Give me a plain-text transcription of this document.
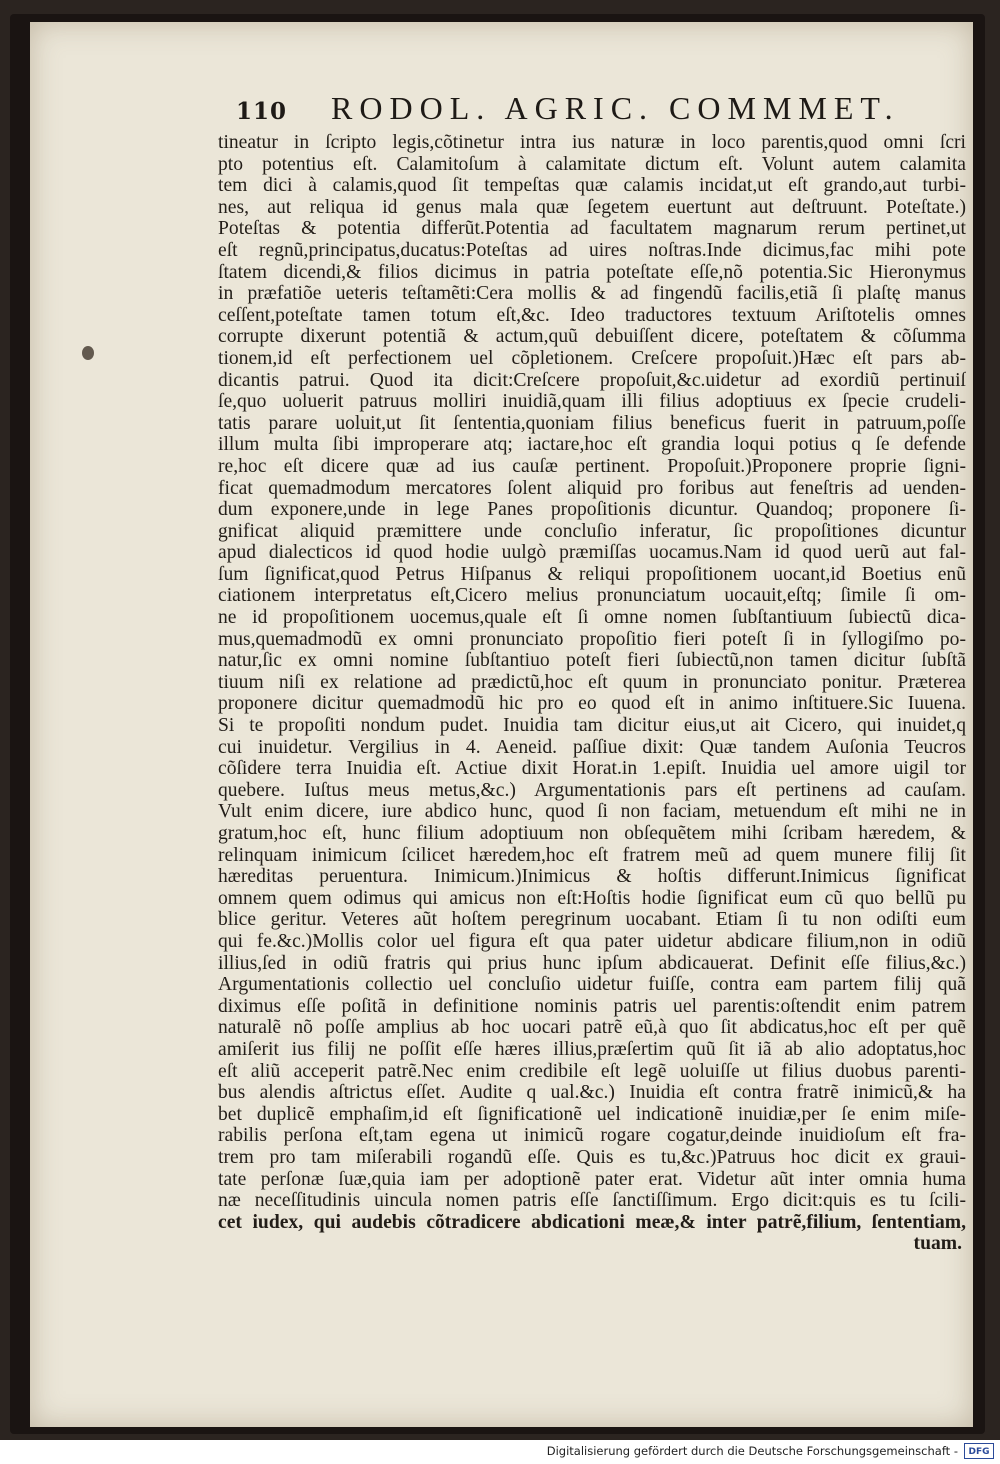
110 RODOL. AGRIC. COMMMET.
tineatur in ſcripto legis,cõtinetur intra ius naturæ in loco parentis,quod omni ſcri
pto potentius eſt. Calamitoſum à calamitate dictum eſt. Volunt autem calamita
tem dici à calamis,quod ſit tempeſtas quæ calamis incidat,ut eſt grando,aut turbi-
nes, aut reliqua id genus mala quæ ſegetem euertunt aut deſtruunt. Poteſtate.)
Poteſtas & potentia differũt.Potentia ad facultatem magnarum rerum pertinet,ut
eſt regnũ,principatus,ducatus:Poteſtas ad uires noſtras.Inde dicimus,fac mihi pote
ſtatem dicendi,& filios dicimus in patria poteſtate eſſe,nõ potentia.Sic Hieronymus
in præfatiõe ueteris teſtamẽti:Cera mollis & ad fingendũ facilis,etiã ſi plaſtę manus
ceſſent,poteſtate tamen totum eſt,&c. Ideo traductores textuum Ariſtotelis omnes
corrupte dixerunt potentiã & actum,quũ debuiſſent dicere, poteſtatem & cõſumma
tionem,id eſt perfectionem uel cõpletionem. Creſcere propoſuit.)Hæc eſt pars ab-
dicantis patrui. Quod ita dicit:Creſcere propoſuit,&c.uidetur ad exordiũ pertinuiſ
ſe,quo uoluerit patruus molliri inuidiã,quam illi filius adoptiuus ex ſpecie crudeli-
tatis parare uoluit,ut ſit ſententia,quoniam filius beneficus fuerit in patruum,poſſe
illum multa ſibi improperare atq; iactare,hoc eſt grandia loqui potius q ſe defende
re,hoc eſt dicere quæ ad ius cauſæ pertinent. Propoſuit.)Proponere proprie ſigni-
ficat quemadmodum mercatores ſolent aliquid pro foribus aut feneſtris ad uenden-
dum exponere,unde in lege Panes propoſitionis dicuntur. Quandoq; proponere ſi-
gnificat aliquid præmittere unde concluſio inferatur, ſic propoſitiones dicuntur
apud dialecticos id quod hodie uulgò præmiſſas uocamus.Nam id quod uerũ aut fal-
ſum ſignificat,quod Petrus Hiſpanus & reliqui propoſitionem uocant,id Boetius enũ
ciationem interpretatus eſt,Cicero melius pronunciatum uocauit,eſtq; ſimile ſi om-
ne id propoſitionem uocemus,quale eſt ſi omne nomen ſubſtantiuum ſubiectũ dica-
mus,quemadmodũ ex omni pronunciato propoſitio fieri poteſt ſi in ſyllogiſmo po-
natur,ſic ex omni nomine ſubſtantiuo poteſt fieri ſubiectũ,non tamen dicitur ſubſtã
tiuum niſi ex relatione ad prædictũ,hoc eſt quum in pronunciato ponitur. Præterea
proponere dicitur quemadmodũ hic pro eo quod eſt in animo inſtituere.Sic Iuuena.
Si te propoſiti nondum pudet. Inuidia tam dicitur eius,ut ait Cicero, qui inuidet,q
cui inuidetur. Vergilius in 4. Aeneid. paſſiue dixit: Quæ tandem Auſonia Teucros
cõſidere terra Inuidia eſt. Actiue dixit Horat.in 1.epiſt. Inuidia uel amore uigil tor
quebere. Iuſtus meus metus,&c.) Argumentationis pars eſt pertinens ad cauſam.
Vult enim dicere, iure abdico hunc, quod ſi non faciam, metuendum eſt mihi ne in
gratum,hoc eſt, hunc filium adoptiuum non obſequẽtem mihi ſcribam hæredem, &
relinquam inimicum ſcilicet hæredem,hoc eſt fratrem meũ ad quem munere filij ſit
hæreditas peruentura. Inimicum.)Inimicus & hoſtis differunt.Inimicus ſignificat
omnem quem odimus qui amicus non eſt:Hoſtis hodie ſignificat eum cũ quo bellũ pu
blice geritur. Veteres aũt hoſtem peregrinum uocabant. Etiam ſi tu non odiſti eum
qui fe.&c.)Mollis color uel figura eſt qua pater uidetur abdicare filium,non in odiũ
illius,ſed in odiũ fratris qui prius hunc ipſum abdicauerat. Definit eſſe filius,&c.)
Argumentationis collectio uel concluſio uidetur fuiſſe, contra eam partem filij quã
diximus eſſe poſitã in definitione nominis patris uel parentis:oſtendit enim patrem
naturalẽ nõ poſſe amplius ab hoc uocari patrẽ eũ,à quo ſit abdicatus,hoc eſt per quẽ
amiſerit ius filij ne poſſit eſſe hæres illius,præſertim quũ ſit iã ab alio adoptatus,hoc
eſt aliũ acceperit patrẽ.Nec enim credibile eſt legẽ uoluiſſe ut filius duobus parenti-
bus alendis aſtrictus eſſet. Audite q ual.&c.) Inuidia eſt contra fratrẽ inimicũ,& ha
bet duplicẽ emphaſim,id eſt ſignificationẽ uel indicationẽ inuidiæ,per ſe enim miſe-
rabilis perſona eſt,tam egena ut inimicũ rogare cogatur,deinde inuidioſum eſt fra-
trem pro tam miſerabili rogandũ eſſe. Quis es tu,&c.)Patruus hoc dicit ex graui-
tate perſonæ ſuæ,quia iam per adoptionẽ pater erat. Videtur aũt inter omnia huma
næ neceſſitudinis uincula nomen patris eſſe ſanctiſſimum. Ergo dicit:quis es tu ſcili-
cet iudex, qui audebis cõtradicere abdicationi meæ,& inter patrẽ,filium, ſententiam,
tuam.
Digitalisierung gefördert durch die Deutsche Forschungsgemeinschaft -	DFG
